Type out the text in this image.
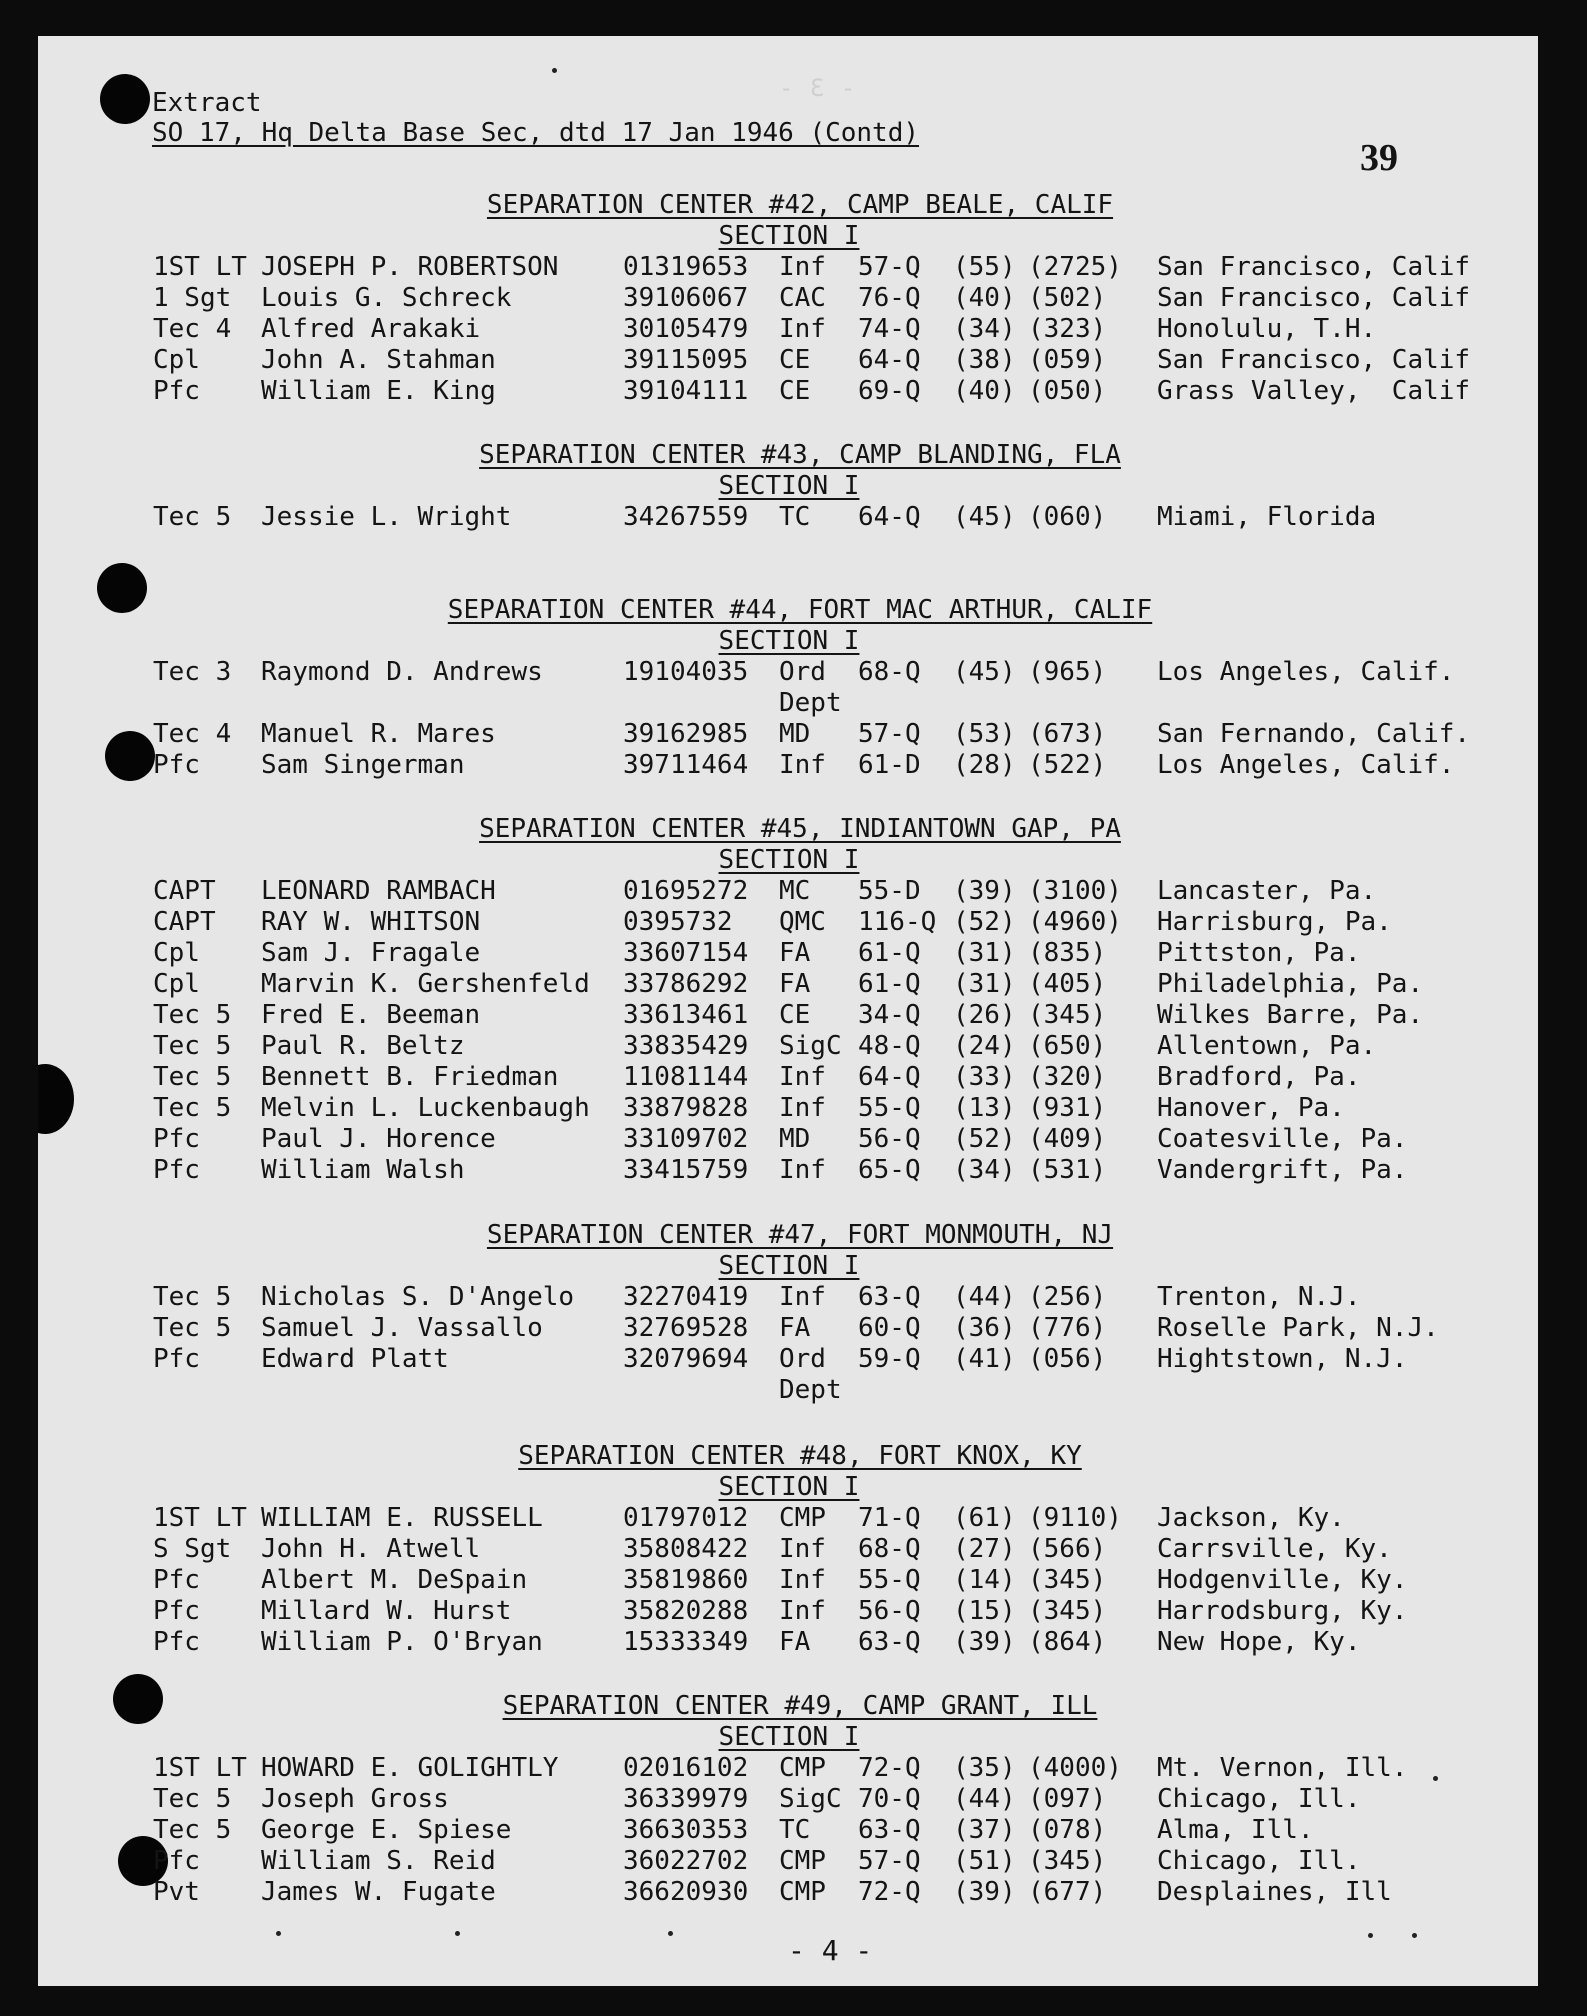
- 3 -
Extract
SO 17, Hq Delta Base Sec, dtd 17 Jan 1946 (Contd)
39
SEPARATION CENTER #42, CAMP BEALE, CALIF
SECTION I
1ST LT JOSEPH P. ROBERTSON 01319653 Inf 57-Q (55) (2725) San Francisco, Calif
1 Sgt Louis G. Schreck	39106067 CAC 76-Q (40) (502) San Francisco, Calif
Tec 4 Alfred Arakaki	30105479 Inf 74-Q (34) (323) Honolulu, T.H.
Cpl John A. Stahman	39115095 CE 64-Q (38) (059) San Francisco, Calif
Pfc William E. King	39104111 CE 69-Q (40) (050) Grass Valley,  Calif
SEPARATION CENTER #43, CAMP BLANDING, FLA
SECTION I
Tec 5 Jessie L. Wright	34267559 TC 64-Q (45) (060) Miami, Florida
SEPARATION CENTER #44, FORT MAC ARTHUR, CALIF
SECTION I
Tec 3 Raymond D. Andrews	19104035 Ord 68-Q (45) (965) Los Angeles, Calif.
Dept
Tec 4 Manuel R. Mares	39162985 MD 57-Q (53) (673) San Fernando, Calif.
Pfc Sam Singerman	39711464 Inf 61-D (28) (522) Los Angeles, Calif.
SEPARATION CENTER #45, INDIANTOWN GAP, PA
SECTION I
CAPT LEONARD RAMBACH	01695272 MC 55-D (39) (3100) Lancaster, Pa.
CAPT RAY W. WHITSON	0395732 QMC 116-Q (52) (4960) Harrisburg, Pa.
Cpl Sam J. Fragale	33607154 FA 61-Q (31) (835) Pittston, Pa.
Cpl Marvin K. Gershenfeld 33786292 FA 61-Q (31) (405) Philadelphia, Pa.
Tec 5 Fred E. Beeman	33613461 CE 34-Q (26) (345) Wilkes Barre, Pa.
Tec 5 Paul R. Beltz	33835429 SigC 48-Q (24) (650) Allentown, Pa.
Tec 5 Bennett B. Friedman 11081144 Inf 64-Q (33) (320) Bradford, Pa.
Tec 5 Melvin L. Luckenbaugh 33879828 Inf 55-Q (13) (931) Hanover, Pa.
Pfc Paul J. Horence	33109702 MD 56-Q (52) (409) Coatesville, Pa.
Pfc William Walsh	33415759 Inf 65-Q (34) (531) Vandergrift, Pa.
SEPARATION CENTER #47, FORT MONMOUTH, NJ
SECTION I
Tec 5 Nicholas S. D'Angelo 32270419 Inf 63-Q (44) (256) Trenton, N.J.
Tec 5 Samuel J. Vassallo	32769528 FA 60-Q (36) (776) Roselle Park, N.J.
Pfc Edward Platt	32079694 Ord 59-Q (41) (056) Hightstown, N.J.
Dept
SEPARATION CENTER #48, FORT KNOX, KY
SECTION I
1ST LT WILLIAM E. RUSSELL	01797012 CMP 71-Q (61) (9110) Jackson, Ky.
S Sgt John H. Atwell	35808422 Inf 68-Q (27) (566) Carrsville, Ky.
Pfc Albert M. DeSpain	35819860 Inf 55-Q (14) (345) Hodgenville, Ky.
Pfc Millard W. Hurst	35820288 Inf 56-Q (15) (345) Harrodsburg, Ky.
Pfc William P. O'Bryan	15333349 FA 63-Q (39) (864) New Hope, Ky.
SEPARATION CENTER #49, CAMP GRANT, ILL
SECTION I
1ST LT HOWARD E. GOLIGHTLY 02016102 CMP 72-Q (35) (4000) Mt. Vernon, Ill.
Tec 5 Joseph Gross	36339979 SigC 70-Q (44) (097) Chicago, Ill.
Tec 5 George E. Spiese	36630353 TC 63-Q (37) (078) Alma, Ill.
Pfc William S. Reid	36022702 CMP 57-Q (51) (345) Chicago, Ill.
Pvt James W. Fugate	36620930 CMP 72-Q (39) (677) Desplaines, Ill
- 4 -
